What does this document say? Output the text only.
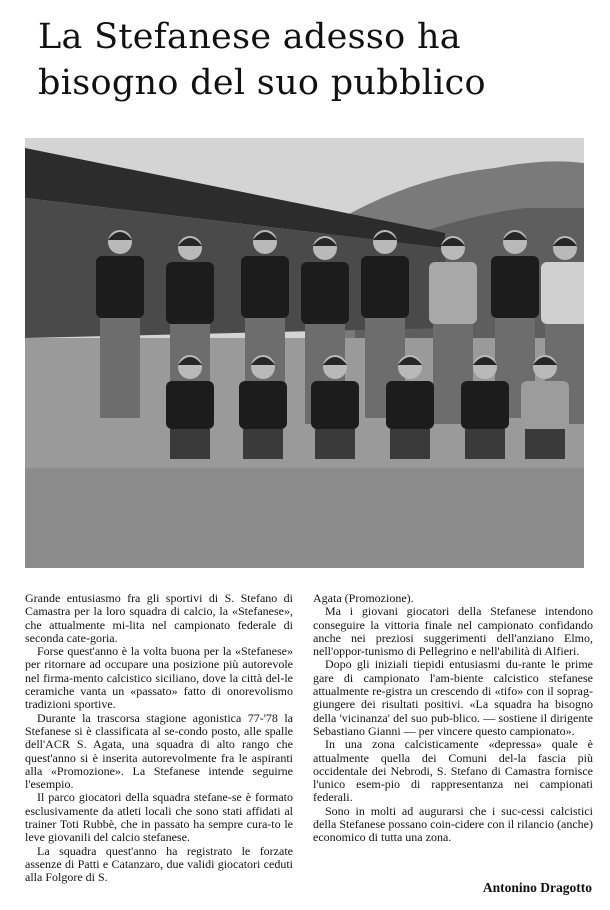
La Stefanese adesso ha bisogno del suo pubblico

Grande entusiasmo fra gli sportivi di S. Stefano di Camastra per la loro squadra di calcio, la «Stefanese», che attualmente mi-lita nel campionato federale di seconda cate-goria.

Forse quest'anno è la volta buona per la «Stefanese» per ritornare ad occupare una posizione più autorevole nel firma-mento calcistico siciliano, dove la città del-le ceramiche vanta un «passato» fatto di onorevolismo tradizioni sportive.

Durante la trascorsa stagione agonistica 77-'78 la Stefanese si è classificata al se-condo posto, alle spalle dell'ACR S. Agata, una squadra di alto rango che quest'anno si è inserita autorevolmente fra le aspiranti alla «Promozione». La Stefanese intende seguirne l'esempio.

Il parco giocatori della squadra stefane-se è formato esclusivamente da atleti locali che sono stati affidati al trainer Toti Rubbè, che in passato ha sempre cura-to le leve giovanili del calcio stefanese.

La squadra quest'anno ha registrato le forzate assenze di Patti e Catanzaro, due validi giocatori ceduti alla Folgore di S.

Agata (Promozione).

Ma i giovani giocatori della Stefanese intendono conseguire la vittoria finale nel campionato confidando anche nei preziosi suggerimenti dell'anziano Elmo, nell'oppor-tunismo di Pellegrino e nell'abilità di Alfieri.

Dopo gli iniziali tiepidi entusiasmi du-rante le prime gare di campionato l'am-biente calcistico stefanese attualmente re-gistra un crescendo di «tifo» con il soprag-giungere dei risultati positivi. «La squadra ha bisogno della 'vicinanza' del suo pub-blico. — sostiene il dirigente Sebastiano Gianni — per vincere questo campionato».

In una zona calcisticamente «depressa» quale è attualmente quella dei Comuni del-la fascia più occidentale dei Nebrodi, S. Stefano di Camastra fornisce l'unico esem-pio di rappresentanza nei campionati federali.

Sono in molti ad augurarsi che i suc-cessi calcistici della Stefanese possano coin-cidere con il rilancio (anche) economico di tutta una zona.

Antonino Dragotto
